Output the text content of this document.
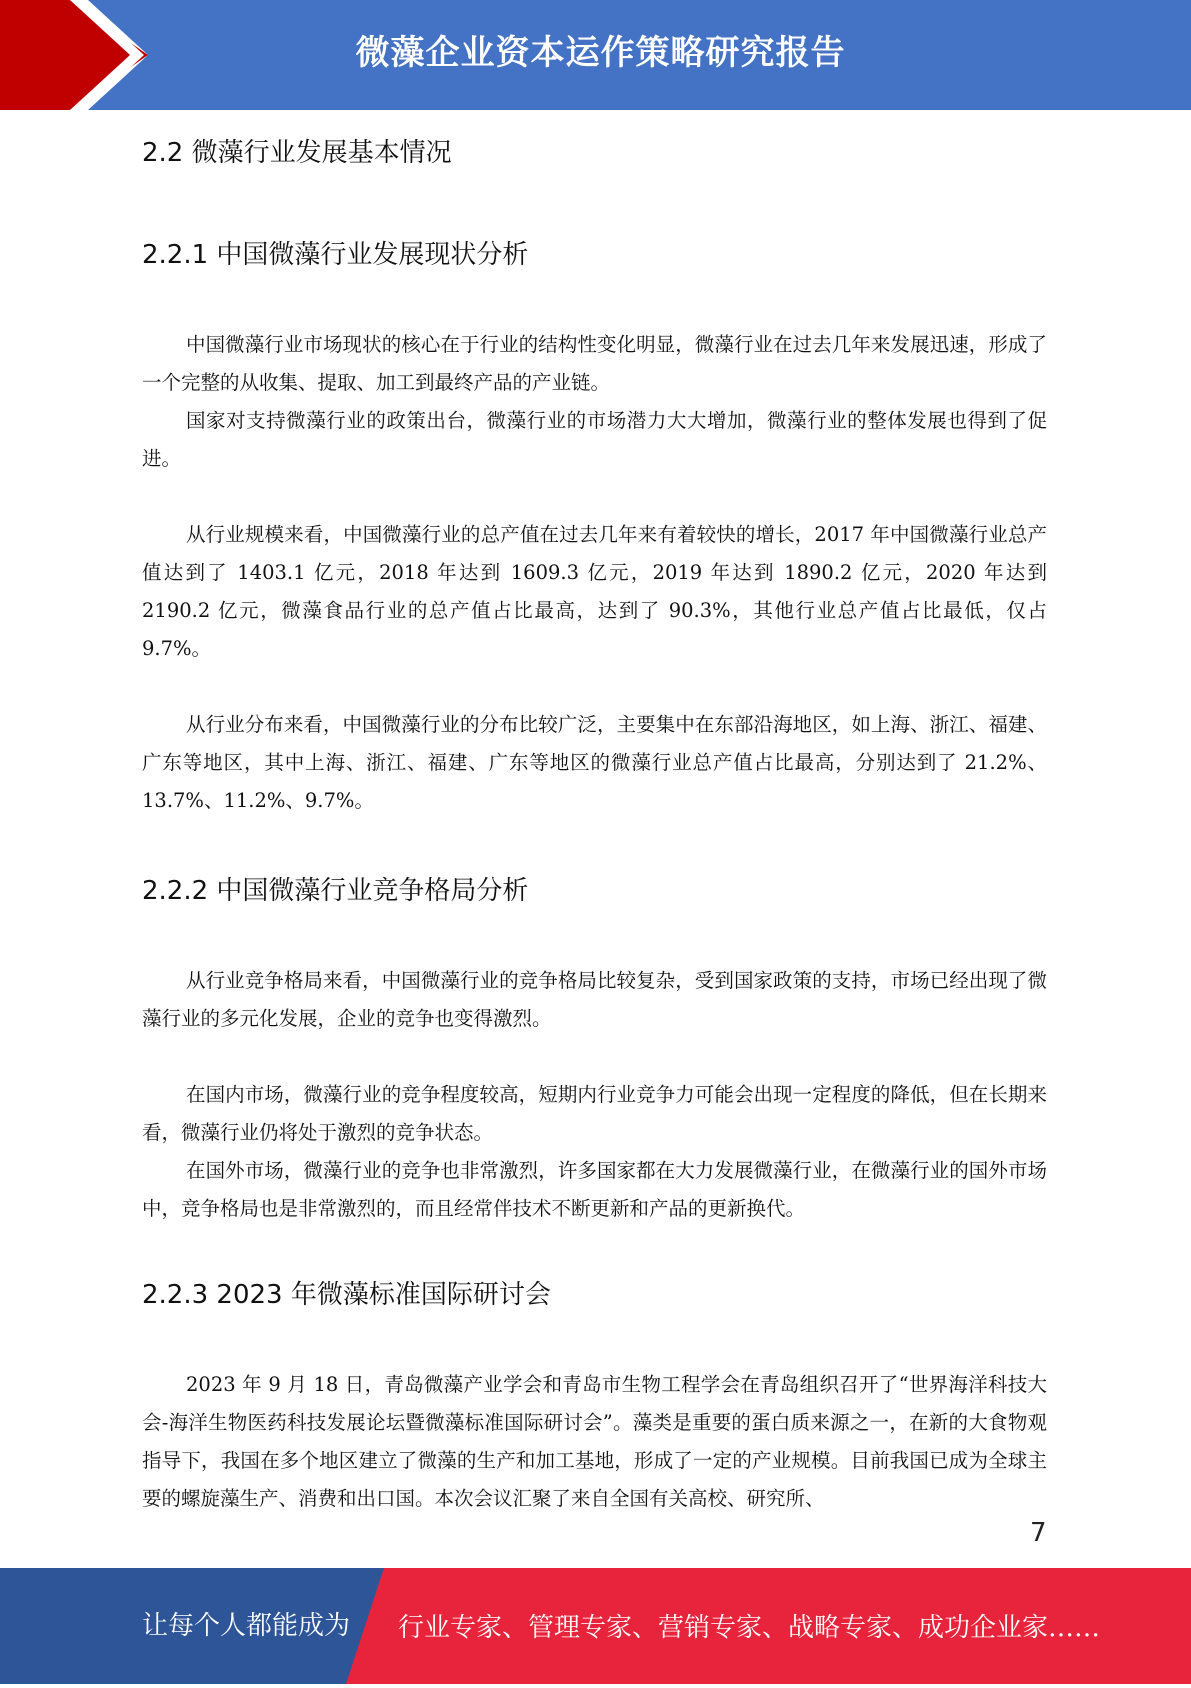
微藻企业资本运作策略研究报告
2.2 微藻行业发展基本情况
2.2.1 中国微藻行业发展现状分析

中国微藻行业市场现状的核心在于行业的结构性变化明显，微藻行业在过去几年来发展迅速，形成了一个完整的从收集、提取、加工到最终产品的产业链。

国家对支持微藻行业的政策出台，微藻行业的市场潜力大大增加，微藻行业的整体发展也得到了促进。

从行业规模来看，中国微藻行业的总产值在过去几年来有着较快的增长，2017 年中国微藻行业总产值达到了 1403.1 亿元，2018 年达到 1609.3 亿元，2019 年达到 1890.2 亿元，2020 年达到 2190.2 亿元，微藻食品行业的总产值占比最高，达到了 90.3%，其他行业总产值占比最低，仅占 9.7%。

从行业分布来看，中国微藻行业的分布比较广泛，主要集中在东部沿海地区，如上海、浙江、福建、广东等地区，其中上海、浙江、福建、广东等地区的微藻行业总产值占比最高，分别达到了 21.2%、13.7%、11.2%、9.7%。

2.2.2 中国微藻行业竞争格局分析

从行业竞争格局来看，中国微藻行业的竞争格局比较复杂，受到国家政策的支持，市场已经出现了微藻行业的多元化发展，企业的竞争也变得激烈。

在国内市场，微藻行业的竞争程度较高，短期内行业竞争力可能会出现一定程度的降低，但在长期来看，微藻行业仍将处于激烈的竞争状态。

在国外市场，微藻行业的竞争也非常激烈，许多国家都在大力发展微藻行业，在微藻行业的国外市场中，竞争格局也是非常激烈的，而且经常伴技术不断更新和产品的更新换代。

2.2.3 2023 年微藻标准国际研讨会

2023 年 9 月 18 日，青岛微藻产业学会和青岛市生物工程学会在青岛组织召开了“世界海洋科技大会-海洋生物医药科技发展论坛暨微藻标准国际研讨会”。藻类是重要的蛋白质来源之一，在新的大食物观指导下，我国在多个地区建立了微藻的生产和加工基地，形成了一定的产业规模。目前我国已成为全球主要的螺旋藻生产、消费和出口国。本次会议汇聚了来自全国有关高校、研究所、

7
让每个人都能成为 行业专家、管理专家、营销专家、战略专家、成功企业家……
